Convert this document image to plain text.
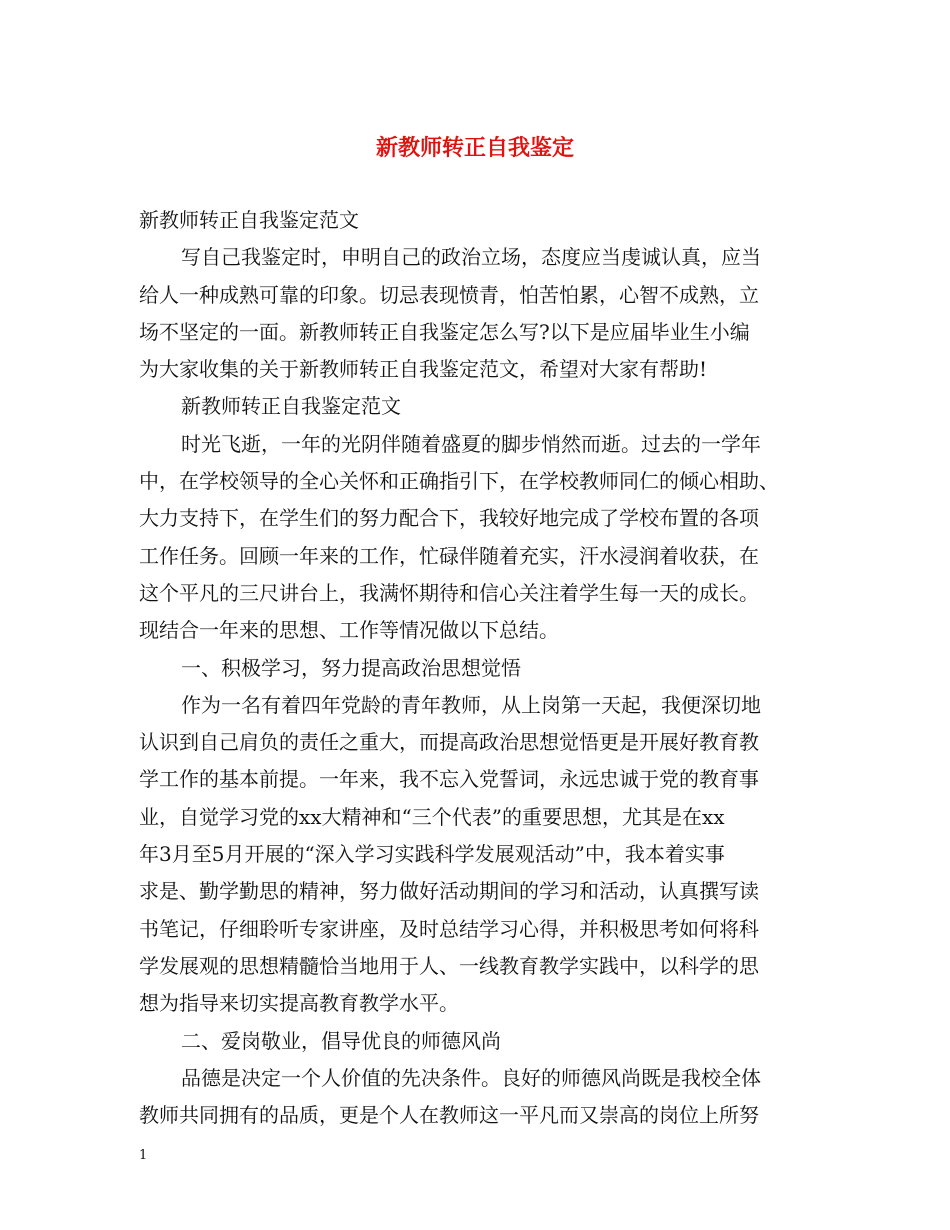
新教师转正自我鉴定
新教师转正自我鉴定范文
写自己我鉴定时，申明自己的政治立场，态度应当虔诚认真，应当
给人一种成熟可靠的印象。切忌表现愤青，怕苦怕累，心智不成熟，立
场不坚定的一面。新教师转正自我鉴定怎么写?以下是应届毕业生小编
为大家收集的关于新教师转正自我鉴定范文，希望对大家有帮助!
新教师转正自我鉴定范文
时光飞逝，一年的光阴伴随着盛夏的脚步悄然而逝。过去的一学年
中，在学校领导的全心关怀和正确指引下，在学校教师同仁的倾心相助、
大力支持下，在学生们的努力配合下，我较好地完成了学校布置的各项
工作任务。回顾一年来的工作，忙碌伴随着充实，汗水浸润着收获，在
这个平凡的三尺讲台上，我满怀期待和信心关注着学生每一天的成长。
现结合一年来的思想、工作等情况做以下总结。
一、积极学习，努力提高政治思想觉悟
作为一名有着四年党龄的青年教师，从上岗第一天起，我便深切地
认识到自己肩负的责任之重大，而提高政治思想觉悟更是开展好教育教
学工作的基本前提。一年来，我不忘入党誓词，永远忠诚于党的教育事
业，自觉学习党的xx大精神和“三个代表”的重要思想，尤其是在xx
年3月至5月开展的“深入学习实践科学发展观活动”中，我本着实事
求是、勤学勤思的精神，努力做好活动期间的学习和活动，认真撰写读
书笔记，仔细聆听专家讲座，及时总结学习心得，并积极思考如何将科
学发展观的思想精髓恰当地用于人、一线教育教学实践中，以科学的思
想为指导来切实提高教育教学水平。
二、爱岗敬业，倡导优良的师德风尚
品德是决定一个人价值的先决条件。良好的师德风尚既是我校全体
教师共同拥有的品质，更是个人在教师这一平凡而又崇高的岗位上所努
1
